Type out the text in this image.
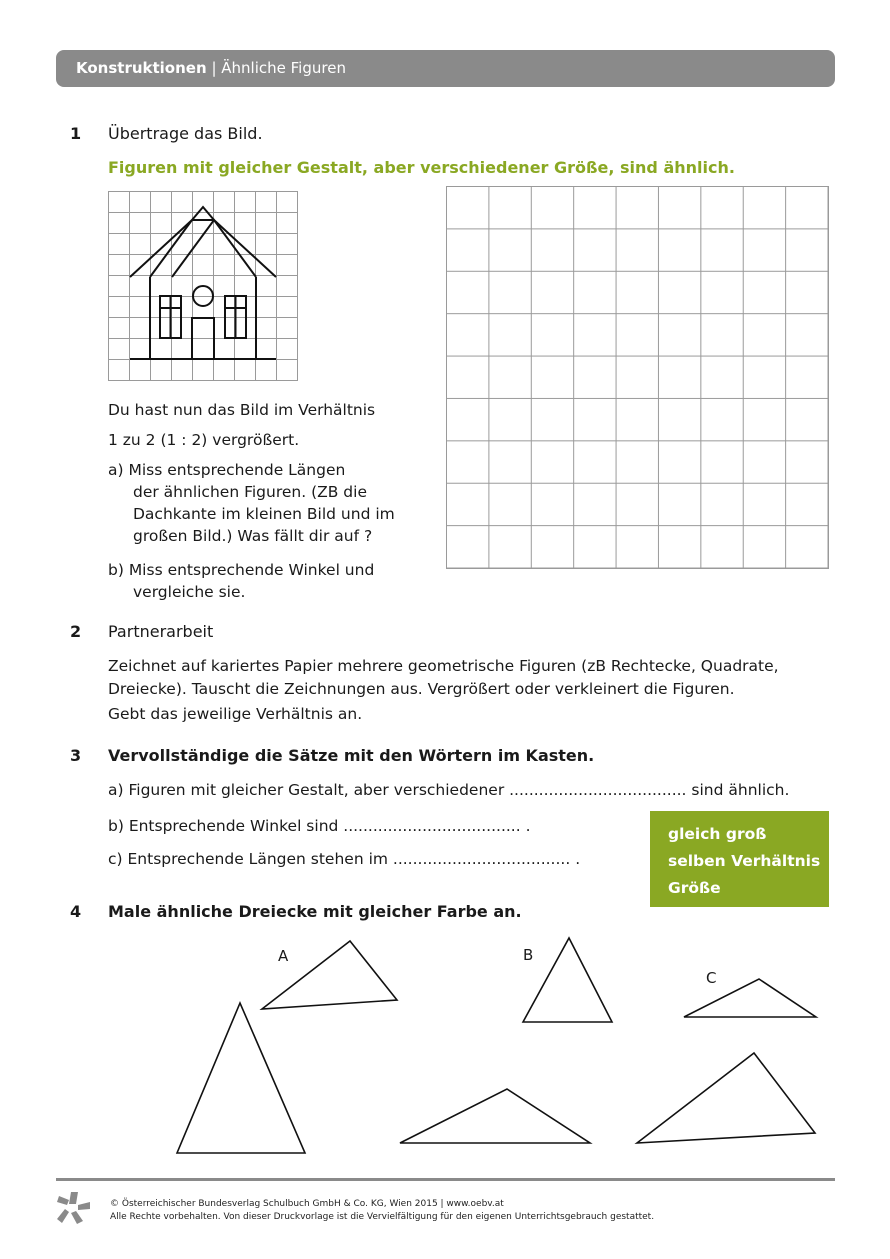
Konstruktionen | Ähnliche Figuren
1 Übertrage das Bild.
Figuren mit gleicher Gestalt, aber verschiedener Größe, sind ähnlich.
Du hast nun das Bild im Verhältnis
1 zu 2 (1 : 2) vergrößert.
a) Miss entsprechende Längen
der ähnlichen Figuren. (ZB die
Dachkante im kleinen Bild und im
großen Bild.) Was fällt dir auf ?
b) Miss entsprechende Winkel und
vergleiche sie.
2 Partnerarbeit
Zeichnet auf kariertes Papier mehrere geometrische Figuren (zB Rechtecke, Quadrate,
Dreiecke). Tauscht die Zeichnungen aus. Vergrößert oder verkleinert die Figuren.
Gebt das jeweilige Verhältnis an.
3 Vervollständige die Sätze mit den Wörtern im Kasten.
a) Figuren mit gleicher Gestalt, aber verschiedener .................................... sind ähnlich.
b) Entsprechende Winkel sind .................................... .
c) Entsprechende Längen stehen im .................................... .
gleich groß
selben Verhältnis
Größe
4 Male ähnliche Dreiecke mit gleicher Farbe an.
A	B
C
© Österreichischer Bundesverlag Schulbuch GmbH & Co. KG, Wien 2015 | www.oebv.at
Alle Rechte vorbehalten. Von dieser Druckvorlage ist die Vervielfältigung für den eigenen Unterrichtsgebrauch gestattet.
